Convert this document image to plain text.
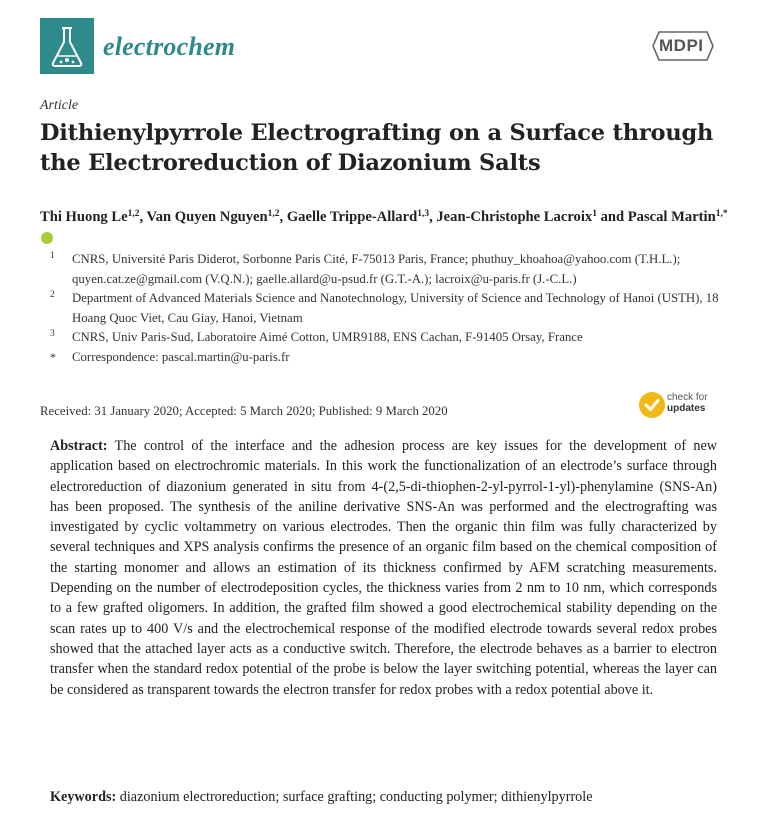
electrochem	MDPI
Article
Dithienylpyrrole Electrografting on a Surface through the Electroreduction of Diazonium Salts
Thi Huong Le$^{1,2}$, Van Quyen Nguyen$^{1,2}$, Gaelle Trippe-Allard$^{1,3}$, Jean-Christophe Lacroix$^1$ and Pascal Martin$^{1,*}$
1 CNRS, Université Paris Diderot, Sorbonne Paris Cité, F-75013 Paris, France; phuthuy_khoahoa@yahoo.com (T.H.L.); quyen.cat.ze@gmail.com (V.Q.N.); gaelle.allard@u-psud.fr (G.T.-A.); lacroix@u-paris.fr (J.-C.L.)
2 Department of Advanced Materials Science and Nanotechnology, University of Science and Technology of Hanoi (USTH), 18 Hoang Quoc Viet, Cau Giay, Hanoi, Vietnam
3 CNRS, Univ Paris-Sud, Laboratoire Aimé Cotton, UMR9188, ENS Cachan, F-91405 Orsay, France
* Correspondence: pascal.martin@u-paris.fr
Received: 31 January 2020; Accepted: 5 March 2020; Published: 9 March 2020
check for
updates

Abstract: The control of the interface and the adhesion process are key issues for the development of new application based on electrochromic materials. In this work the functionalization of an electrode’s surface through electroreduction of diazonium generated in situ from 4-(2,5-di-thiophen-2-yl-pyrrol-1-yl)-phenylamine (SNS-An) has been proposed. The synthesis of the aniline derivative SNS-An was performed and the electrografting was investigated by cyclic voltammetry on various electrodes. Then the organic thin film was fully characterized by several techniques and XPS analysis confirms the presence of an organic film based on the chemical composition of the starting monomer and allows an estimation of its thickness confirmed by AFM scratching measurements. Depending on the number of electrodeposition cycles, the thickness varies from 2 nm to 10 nm, which corresponds to a few grafted oligomers. In addition, the grafted film showed a good electrochemical stability depending on the scan rates up to 400 V/s and the electrochemical response of the modified electrode towards several redox probes showed that the attached layer acts as a conductive switch. Therefore, the electrode behaves as a barrier to electron transfer when the standard redox potential of the probe is below the layer switching potential, whereas the layer can be considered as transparent towards the electron transfer for redox probes with a redox potential above it.

Keywords: diazonium electroreduction; surface grafting; conducting polymer; dithienylpyrrole
